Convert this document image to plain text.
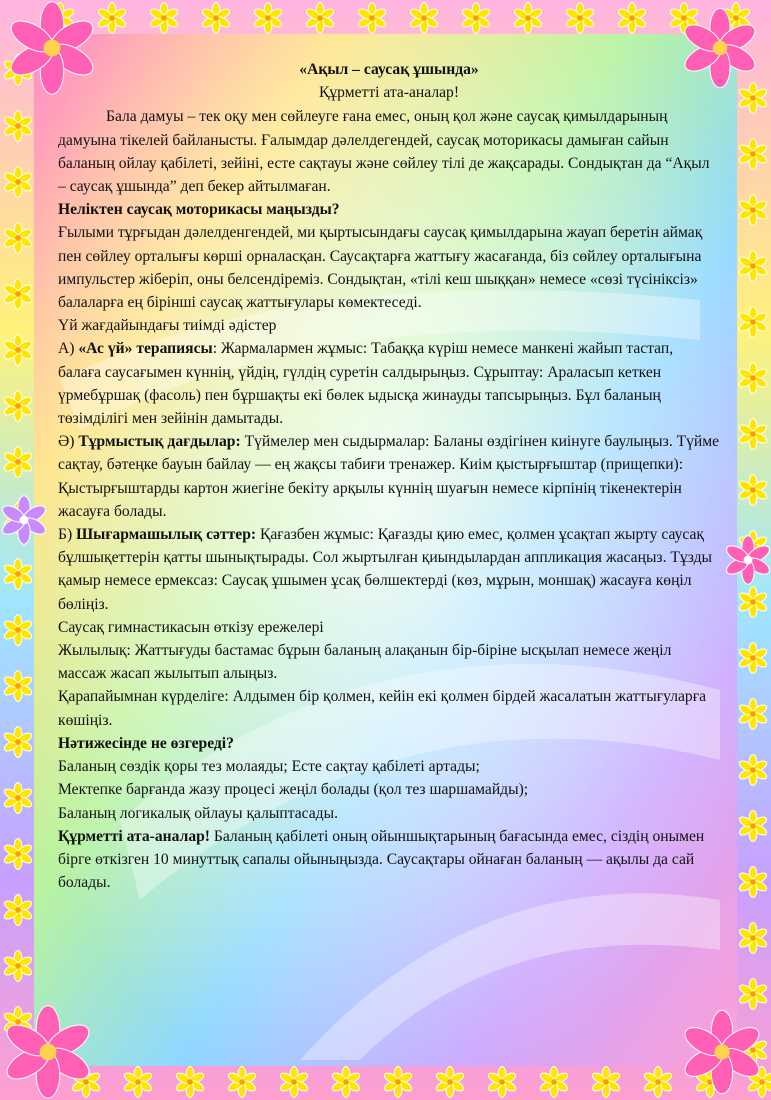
«Ақыл – саусақ ұшында»

Құрметті ата-аналар!

Бала дамуы – тек оқу мен сөйлеуге ғана емес, оның қол және саусақ қимылдарының дамуына тікелей байланысты. Ғалымдар дәлелдегендей, саусақ моторикасы дамыған сайын баланың ойлау қабілеті, зейіні, есте сақтауы және сөйлеу тілі де жақсарады. Сондықтан да “Ақыл – саусақ ұшында” деп бекер айтылмаған.

Неліктен саусақ моторикасы маңызды?

Ғылыми тұрғыдан дәлелденгендей, ми қыртысындағы саусақ қимылдарына жауап беретін аймақ пен сөйлеу орталығы көрші орналасқан. Саусақтарға жаттығу жасағанда, біз сөйлеу орталығына импульстер жіберіп, оны белсендіреміз. Сондықтан, «тілі кеш шыққан» немесе «сөзі түсініксіз» балаларға ең бірінші саусақ жаттығулары көмектеседі.

Үй жағдайындағы тиімді әдістер

А) «Ас үй» терапиясы: Жармалармен жұмыс: Табаққа күріш немесе манкені жайып тастап, балаға саусағымен күннің, үйдің, гүлдің суретін салдырыңыз. Сұрыптау: Араласып кеткен үрмебұршақ (фасоль) пен бұршақты екі бөлек ыдысқа жинауды тапсырыңыз. Бұл баланың төзімділігі мен зейінін дамытады.

Ә) Тұрмыстық дағдылар: Түймелер мен сыдырмалар: Баланы өздігінен киінуге баулыңыз. Түйме сақтау, бәтеңке бауын байлау — ең жақсы табиғи тренажер. Киім қыстырғыштар (прищепки): Қыстырғыштарды картон жиегіне бекіту арқылы күннің шуағын немесе кірпінің тікенектерін жасауға болады.

Б) Шығармашылық сәттер: Қағазбен жұмыс: Қағазды қию емес, қолмен ұсақтап жырту саусақ бұлшықеттерін қатты шынықтырады. Сол жыртылған қиындылардан аппликация жасаңыз. Тұзды қамыр немесе ермексаз: Саусақ ұшымен ұсақ бөлшектерді (көз, мұрын, моншақ) жасауға көңіл бөліңіз.

Саусақ гимнастикасын өткізу ережелері

Жылылық: Жаттығуды бастамас бұрын баланың алақанын бір-біріне ысқылап немесе жеңіл массаж жасап жылытып алыңыз.

Қарапайымнан күрделіге: Алдымен бір қолмен, кейін екі қолмен бірдей жасалатын жаттығуларға көшіңіз.

Нәтижесінде не өзгереді?

Баланың сөздік қоры тез молаяды; Есте сақтау қабілеті артады;

Мектепке барғанда жазу процесі жеңіл болады (қол тез шаршамайды);

Баланың логикалық ойлауы қалыптасады.

Құрметті ата-аналар! Баланың қабілеті оның ойыншықтарының бағасында емес, сіздің онымен бірге өткізген 10 минуттық сапалы ойыныңызда. Саусақтары ойнаған баланың — ақылы да сай болады.
